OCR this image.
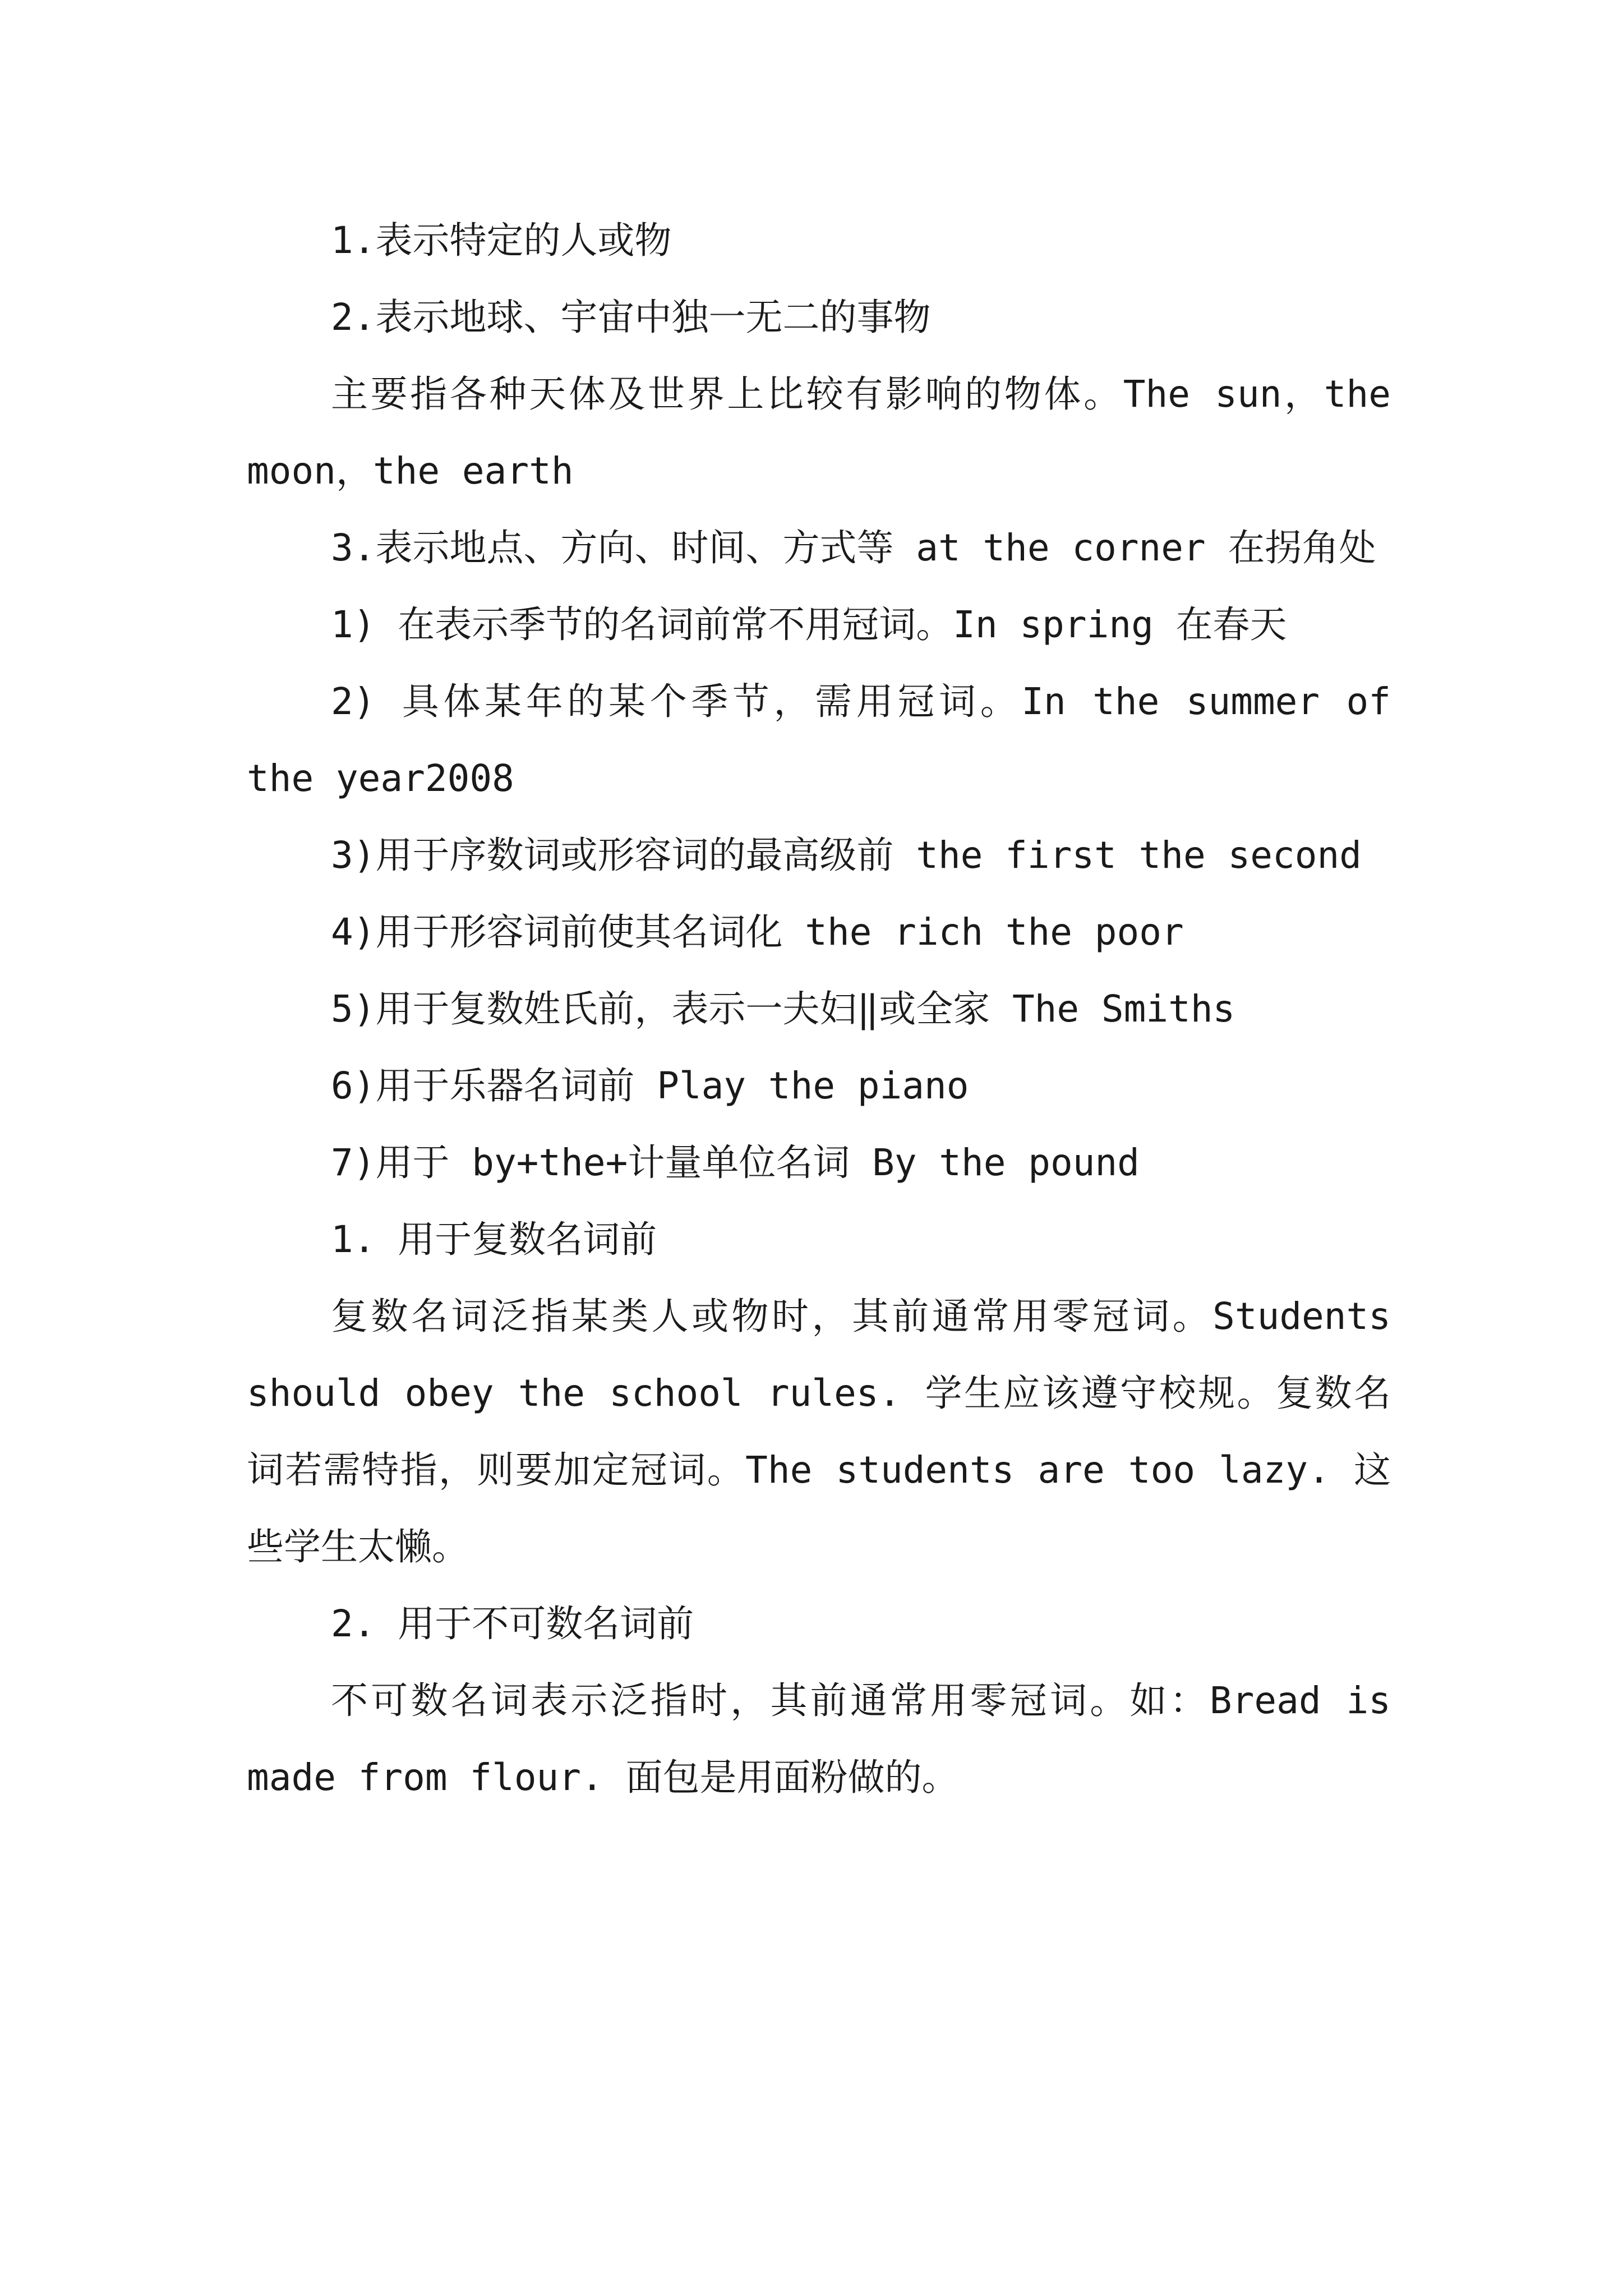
1.表示特定的人或物

2.表示地球、宇宙中独一无二的事物

主要指各种天体及世界上比较有影响的物体。The sun，the moon，the earth

3.表示地点、方向、时间、方式等 at the corner 在拐角处

1) 在表示季节的名词前常不用冠词。In spring 在春天

2) 具体某年的某个季节，需用冠词。In the summer of the year2008

3)用于序数词或形容词的最高级前 the first the second

4)用于形容词前使其名词化 the rich the poor

5)用于复数姓氏前，表示一夫妇‖或全家 The Smiths

6)用于乐器名词前 Play the piano

7)用于 by+the+计量单位名词 By the pound

1. 用于复数名词前

复数名词泛指某类人或物时，其前通常用零冠词。Students should obey the school rules. 学生应该遵守校规。复数名词若需特指，则要加定冠词。The students are too lazy. 这些学生太懒。

2. 用于不可数名词前

不可数名词表示泛指时，其前通常用零冠词。如：Bread is made from flour. 面包是用面粉做的。
